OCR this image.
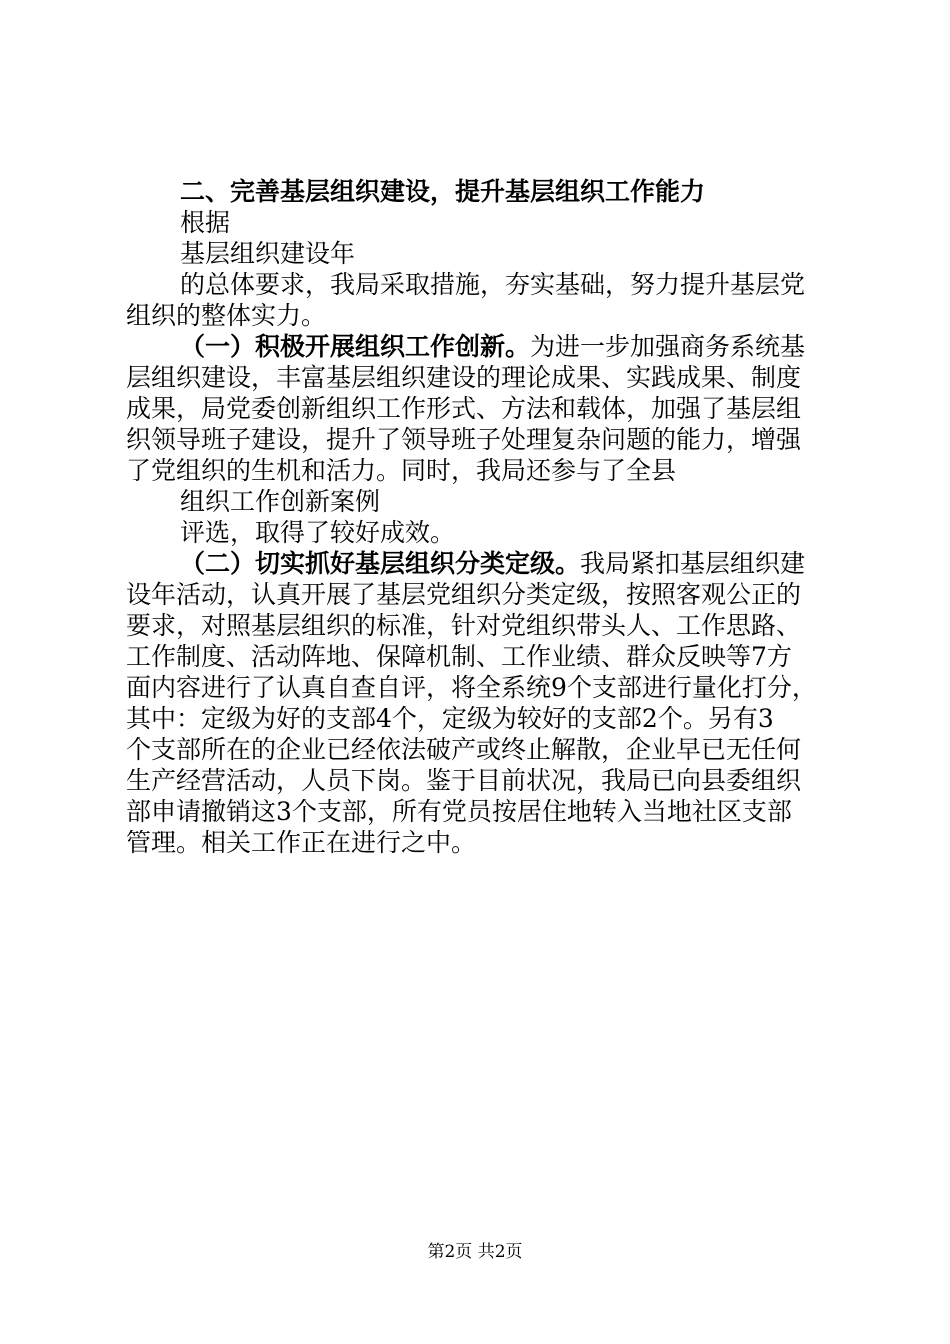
二、完善基层组织建设，提升基层组织工作能力
根据
基层组织建设年
的总体要求，我局采取措施，夯实基础，努力提升基层党
组织的整体实力。
（一）积极开展组织工作创新。为进一步加强商务系统基
层组织建设，丰富基层组织建设的理论成果、实践成果、制度
成果，局党委创新组织工作形式、方法和载体，加强了基层组
织领导班子建设，提升了领导班子处理复杂问题的能力，增强
了党组织的生机和活力。同时，我局还参与了全县
组织工作创新案例
评选，取得了较好成效。
（二）切实抓好基层组织分类定级。我局紧扣基层组织建
设年活动，认真开展了基层党组织分类定级，按照客观公正的
要求，对照基层组织的标准，针对党组织带头人、工作思路、
工作制度、活动阵地、保障机制、工作业绩、群众反映等7方
面内容进行了认真自查自评，将全系统9个支部进行量化打分，
其中：定级为好的支部4个，定级为较好的支部2个。另有3
个支部所在的企业已经依法破产或终止解散，企业早已无任何
生产经营活动，人员下岗。鉴于目前状况，我局已向县委组织
部申请撤销这3个支部，所有党员按居住地转入当地社区支部
管理。相关工作正在进行之中。
第2页 共2页
